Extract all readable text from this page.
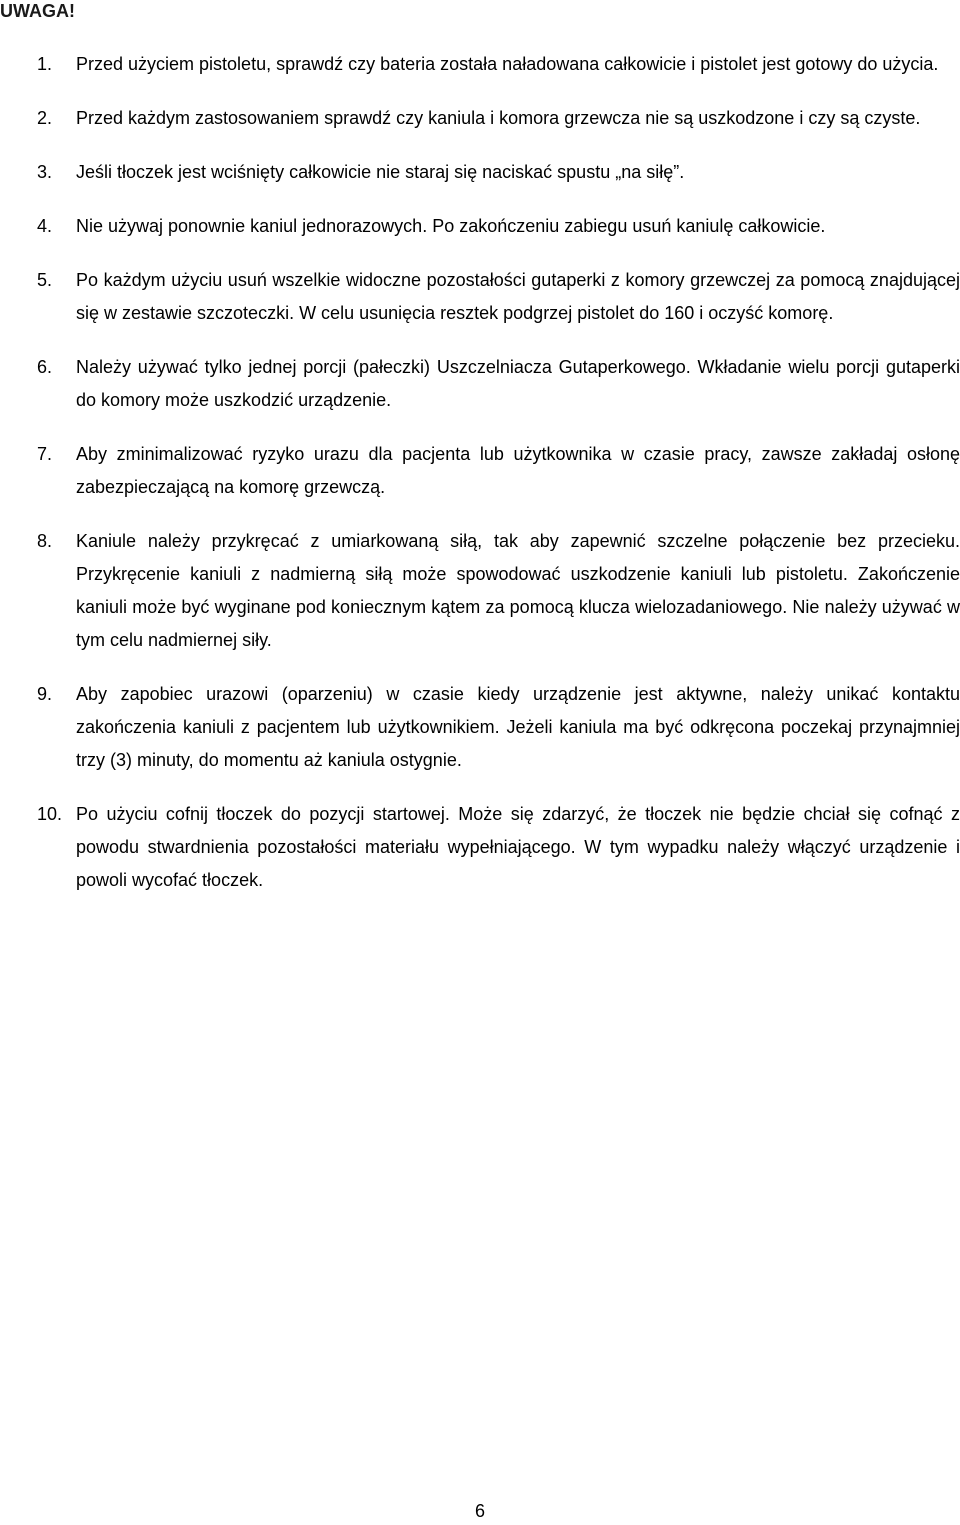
UWAGA!
1. Przed użyciem pistoletu, sprawdź czy bateria została naładowana całkowicie i pistolet jest gotowy do użycia.
2. Przed każdym zastosowaniem sprawdź czy kaniula i komora grzewcza nie są uszkodzone i czy są czyste.
3. Jeśli tłoczek jest wciśnięty całkowicie nie staraj się naciskać spustu „na siłę”.
4. Nie używaj ponownie kaniul jednorazowych. Po zakończeniu zabiegu usuń kaniulę całkowicie.
5. Po każdym użyciu usuń wszelkie widoczne pozostałości gutaperki z komory grzewczej za pomocą znajdującej się w zestawie szczoteczki. W celu usunięcia resztek podgrzej pistolet do 160 i oczyść komorę.
6. Należy używać tylko jednej porcji (pałeczki) Uszczelniacza Gutaperkowego. Wkładanie wielu porcji gutaperki do komory może uszkodzić urządzenie.
7. Aby zminimalizować ryzyko urazu dla pacjenta lub użytkownika w czasie pracy, zawsze zakładaj osłonę zabezpieczającą na komorę grzewczą.
8. Kaniule należy przykręcać z umiarkowaną siłą, tak aby zapewnić szczelne połączenie bez przecieku. Przykręcenie kaniuli z nadmierną siłą może spowodować uszkodzenie kaniuli lub pistoletu. Zakończenie kaniuli może być wyginane pod koniecznym kątem za pomocą klucza wielozadaniowego. Nie należy używać w tym celu nadmiernej siły.
9. Aby zapobiec urazowi (oparzeniu) w czasie kiedy urządzenie jest aktywne, należy unikać kontaktu zakończenia kaniuli z pacjentem lub użytkownikiem. Jeżeli kaniula ma być odkręcona poczekaj przynajmniej trzy (3) minuty, do momentu aż kaniula ostygnie.
10. Po użyciu cofnij tłoczek do pozycji startowej. Może się zdarzyć, że tłoczek nie będzie chciał się cofnąć z powodu stwardnienia pozostałości materiału wypełniającego. W tym wypadku należy włączyć urządzenie i powoli wycofać tłoczek.
6
